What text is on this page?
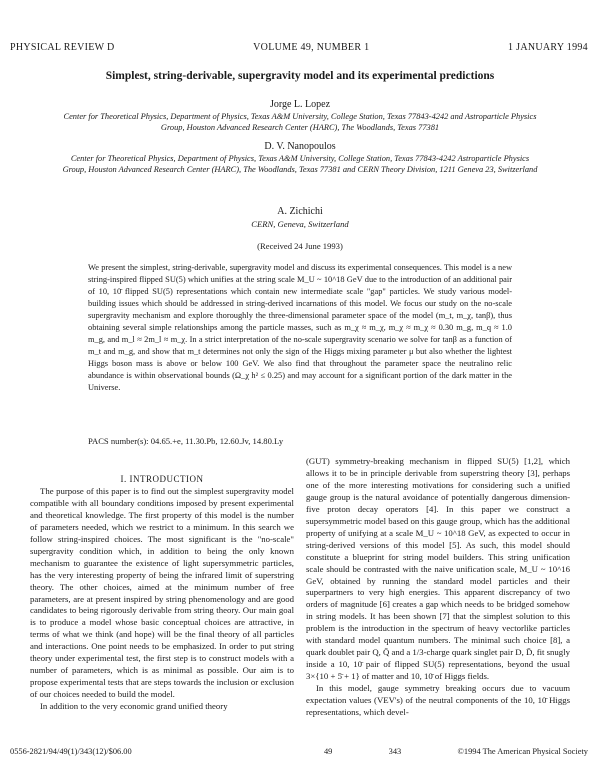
PHYSICAL REVIEW D	VOLUME 49, NUMBER 1	1 JANUARY 1994
Simplest, string-derivable, supergravity model and its experimental predictions
Jorge L. Lopez
Center for Theoretical Physics, Department of Physics, Texas A&M University, College Station, Texas 77843-4242 and Astroparticle Physics Group, Houston Advanced Research Center (HARC), The Woodlands, Texas 77381
D. V. Nanopoulos
Center for Theoretical Physics, Department of Physics, Texas A&M University, College Station, Texas 77843-4242 Astroparticle Physics Group, Houston Advanced Research Center (HARC), The Woodlands, Texas 77381 and CERN Theory Division, 1211 Geneva 23, Switzerland
A. Zichichi
CERN, Geneva, Switzerland
(Received 24 June 1993)
We present the simplest, string-derivable, supergravity model and discuss its experimental consequences. This model is a new string-inspired flipped SU(5) which unifies at the string scale M_U ~ 10^18 GeV due to the introduction of an additional pair of 10, 10̄ flipped SU(5) representations which contain new intermediate scale "gap" particles. We study various model-building issues which should be addressed in string-derived incarnations of this model. We focus our study on the no-scale supergravity mechanism and explore thoroughly the three-dimensional parameter space of the model (m_t, m_χ, tanβ), thus obtaining several simple relationships among the particle masses, such as m_χ ≈ m_χ, m_χ ≈ m_χ ≈ 0.30 m_g, m_q ≈ 1.0 m_g, and m_l ≈ 2m_l ≈ m_χ. In a strict interpretation of the no-scale supergravity scenario we solve for tanβ as a function of m_t and m_g, and show that m_t determines not only the sign of the Higgs mixing parameter μ but also whether the lightest Higgs boson mass is above or below 100 GeV. We also find that throughout the parameter space the neutralino relic abundance is within observational bounds (Ω_χ h² ≤ 0.25) and may account for a significant portion of the dark matter in the Universe.
PACS number(s): 04.65.+e, 11.30.Pb, 12.60.Jv, 14.80.Ly

I. INTRODUCTION

The purpose of this paper is to find out the simplest supergravity model compatible with all boundary conditions imposed by present experimental and theoretical knowledge. The first property of this model is the number of parameters needed, which we restrict to a minimum. In this search we follow string-inspired choices. The most significant is the "no-scale" supergravity condition which, in addition to being the only known mechanism to guarantee the existence of light supersymmetric particles, has the very interesting property of being the infrared limit of superstring theory. The other choices, aimed at the minimum number of free parameters, are at present inspired by string phenomenology and are good candidates to being rigorously derivable from string theory. Our main goal is to produce a model whose basic conceptual choices are attractive, in terms of what we think (and hope) will be the final theory of all particles and interactions. One point needs to be emphasized. In order to put string theory under experimental test, the first step is to construct models with a number of parameters, which is as minimal as possible. Our aim is to propose experimental tests that are steps towards the inclusion or exclusion of our choices needed to build the model.

In addition to the very economic grand unified theory

(GUT) symmetry-breaking mechanism in flipped SU(5) [1,2], which allows it to be in principle derivable from superstring theory [3], perhaps one of the more interesting motivations for considering such a unified gauge group is the natural avoidance of potentially dangerous dimension-five proton decay operators [4]. In this paper we construct a supersymmetric model based on this gauge group, which has the additional property of unifying at a scale M_U ~ 10^18 GeV, as expected to occur in string-derived versions of this model [5]. As such, this model should constitute a blueprint for string model builders. This string unification scale should be contrasted with the naive unification scale, M_U ~ 10^16 GeV, obtained by running the standard model particles and their superpartners to very high energies. This apparent discrepancy of two orders of magnitude [6] creates a gap which needs to be bridged somehow in string models. It has been shown [7] that the simplest solution to this problem is the introduction in the spectrum of heavy vectorlike particles with standard model quantum numbers. The minimal such choice [8], a quark doublet pair Q, Q̄ and a 1/3-charge quark singlet pair D, D̄, fit snugly inside a 10, 10̄ pair of flipped SU(5) representations, beyond the usual 3×{10 + 5̄ + 1} of matter and 10, 10̄ of Higgs fields.

In this model, gauge symmetry breaking occurs due to vacuum expectation values (VEV's) of the neutral components of the 10, 10̄ Higgs representations, which devel-

0556-2821/94/49(1)/343(12)/$06.00	49	343	©1994 The American Physical Society
